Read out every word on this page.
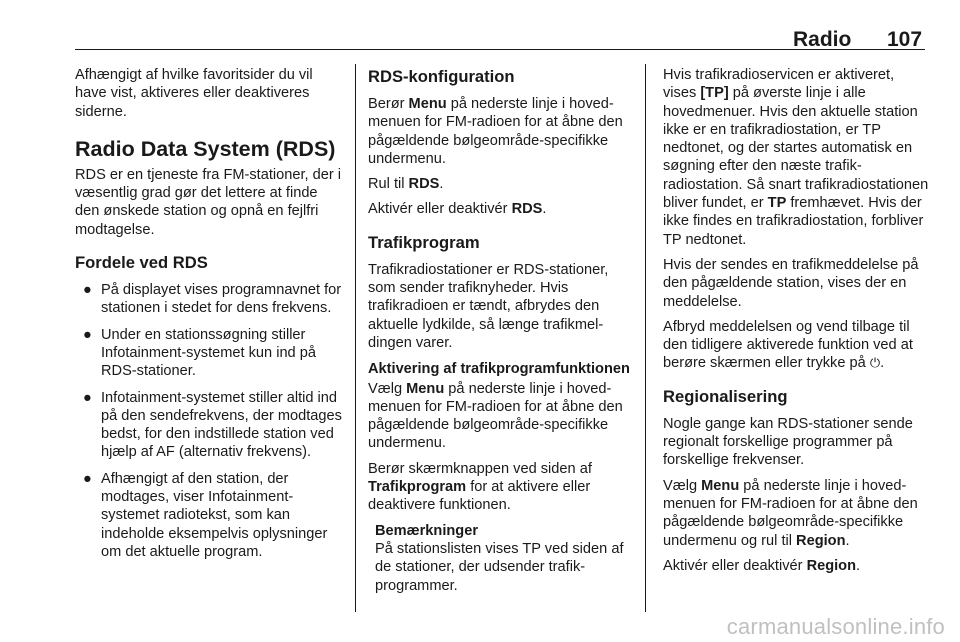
Radio 107

Afhængigt af hvilke favoritsider du vil have vist, aktiveres eller deaktiveres siderne.

Radio Data System (RDS)

RDS er en tjeneste fra FM-stationer, der i væsentlig grad gør det lettere at finde den ønskede station og opnå en fejlfri modtagelse.

Fordele ved RDS
● På displayet vises programnavnet for stationen i stedet for dens frekvens.
● Under en stationssøgning stiller Infotainment-systemet kun ind på RDS-stationer.
● Infotainment-systemet stiller altid ind på den sendefrekvens, der modtages bedst, for den indstillede station ved hjælp af AF (alternativ frekvens).
● Afhængigt af den station, der modtages, viser Infotainment-systemet radiotekst, som kan indeholde eksempelvis oplysninger om det aktuelle program.
RDS-konfiguration

Berør Menu på nederste linje i hovedmenuen for FM-radioen for at åbne den pågældende bølgeområde-specifikke undermenu.

Rul til RDS.

Aktivér eller deaktivér RDS.

Trafikprogram

Trafikradiostationer er RDS-stationer, som sender trafiknyheder. Hvis trafikradioen er tændt, afbrydes den aktuelle lydkilde, så længe trafikmeldingen varer.

Aktivering af trafikprogramfunktionen

Vælg Menu på nederste linje i hovedmenuen for FM-radioen for at åbne den pågældende bølgeområde-specifikke undermenu.

Berør skærmknappen ved siden af Trafikprogram for at aktivere eller deaktivere funktionen.

Bemærkninger
På stationslisten vises TP ved siden af de stationer, der udsender trafikprogrammer.

Hvis trafikradioservicen er aktiveret, vises [TP] på øverste linje i alle hovedmenuer. Hvis den aktuelle station ikke er en trafikradiostation, er TP nedtonet, og der startes automatisk en søgning efter den næste trafikradiostation. Så snart trafikradiostationen bliver fundet, er TP fremhævet. Hvis der ikke findes en trafikradiostation, forbliver TP nedtonet.

Hvis der sendes en trafikmeddelelse på den pågældende station, vises der en meddelelse.

Afbryd meddelelsen og vend tilbage til den tidligere aktiverede funktion ved at berøre skærmen eller trykke på ⏻.

Regionalisering

Nogle gange kan RDS-stationer sende regionalt forskellige programmer på forskellige frekvenser.

Vælg Menu på nederste linje i hovedmenuen for FM-radioen for at åbne den pågældende bølgeområde-specifikke undermenu og rul til Region.

Aktivér eller deaktivér Region.

carmanualsonline.info
